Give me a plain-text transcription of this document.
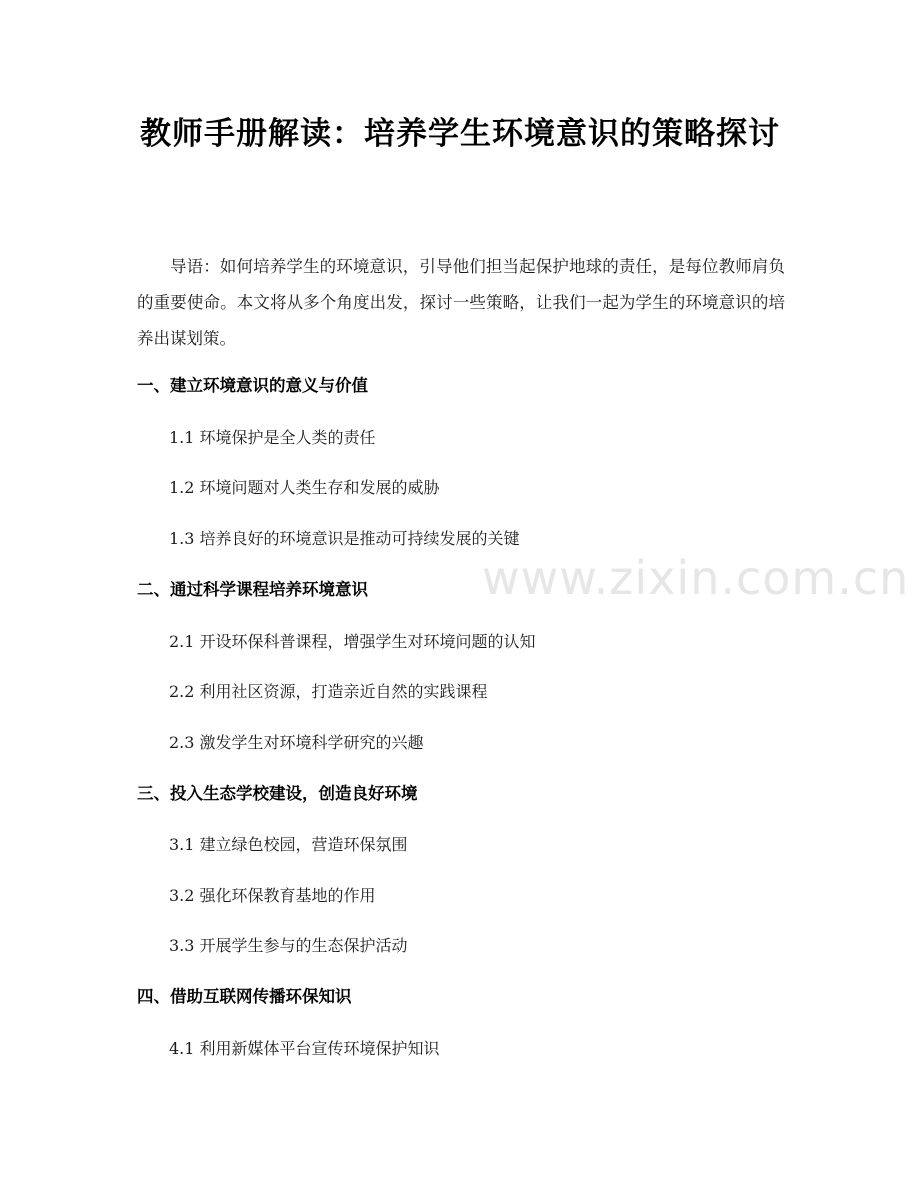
教师手册解读：培养学生环境意识的策略探讨

导语：如何培养学生的环境意识，引导他们担当起保护地球的责任，是每位教师肩负的重要使命。本文将从多个角度出发，探讨一些策略，让我们一起为学生的环境意识的培养出谋划策。

一、建立环境意识的意义与价值

1.1 环境保护是全人类的责任

1.2 环境问题对人类生存和发展的威胁

1.3 培养良好的环境意识是推动可持续发展的关键

二、通过科学课程培养环境意识

2.1 开设环保科普课程，增强学生对环境问题的认知

2.2 利用社区资源，打造亲近自然的实践课程

2.3 激发学生对环境科学研究的兴趣

三、投入生态学校建设，创造良好环境

3.1 建立绿色校园，营造环保氛围

3.2 强化环保教育基地的作用

3.3 开展学生参与的生态保护活动

四、借助互联网传播环保知识

4.1 利用新媒体平台宣传环境保护知识

www.zixin.com.cn
